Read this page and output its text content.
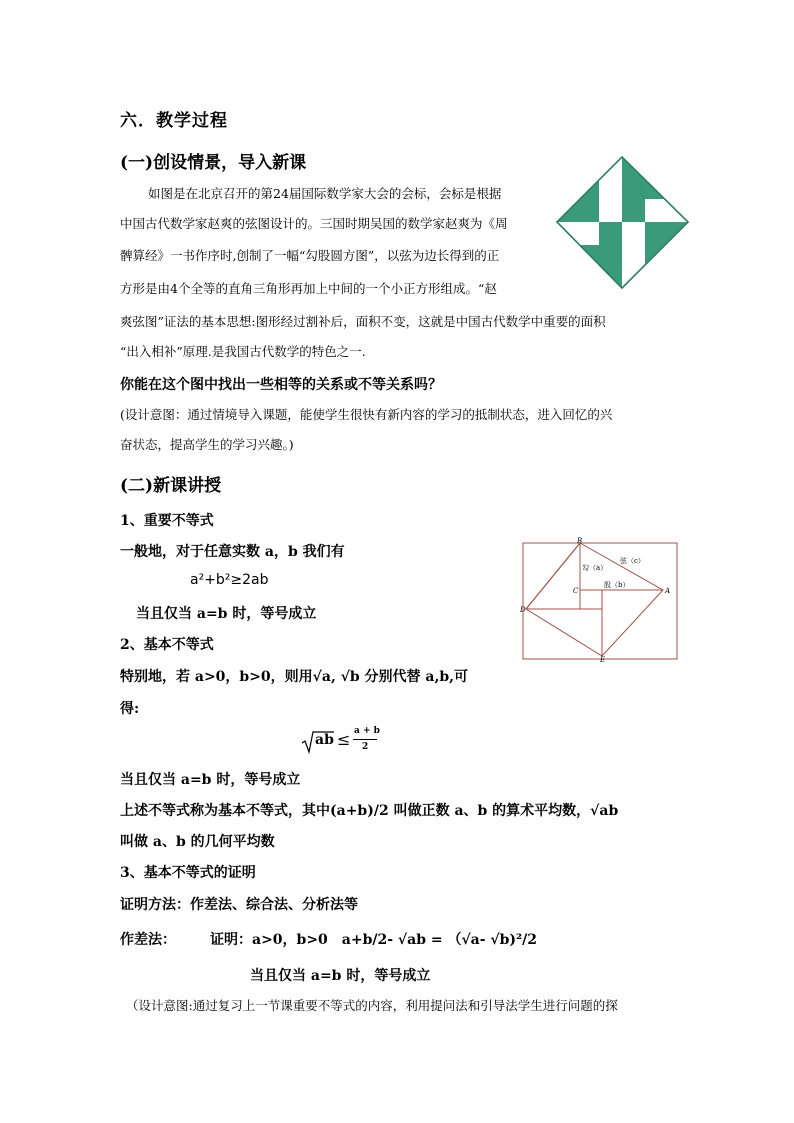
六．教学过程
(一)创设情景，导入新课
如图是在北京召开的第24届国际数学家大会的会标，会标是根据
中国古代数学家赵爽的弦图设计的。三国时期吴国的数学家赵爽为《周
髀算经》一书作序时,创制了一幅“勾股圆方图”，以弦为边长得到的正
方形是由4个全等的直角三角形再加上中间的一个小正方形组成。“赵
爽弦图”证法的基本思想:图形经过割补后，面积不变，这就是中国古代数学中重要的面积
“出入相补”原理.是我国古代数学的特色之一.
你能在这个图中找出一些相等的关系或不等关系吗？
(设计意图：通过情境导入课题，能使学生很快有新内容的学习的抵制状态，进入回忆的兴
奋状态，提高学生的学习兴趣。)
(二)新课讲授
1、重要不等式
一般地，对于任意实数 a，b 我们有
a²+b²≥2ab
当且仅当 a=b 时，等号成立
2、基本不等式
特别地，若 a>0，b>0，则用√a, √b 分别代替 a,b,可
得:
ab ≤ a + b
2
当且仅当 a=b 时，等号成立
上述不等式称为基本不等式，其中(a+b)/2 叫做正数 a、b 的算术平均数，√ab
叫做 a、b 的几何平均数
3、基本不等式的证明
证明方法：作差法、综合法、分析法等
作差法： 证明：a>0，b>0　a+b/2- √ab = （√a- √b)²/2
当且仅当 a=b 时，等号成立
（设计意图:通过复习上一节课重要不等式的内容，利用提问法和引导法学生进行问题的探
B
C
D
E
A
弦（c）
勾（a）
股（b）
